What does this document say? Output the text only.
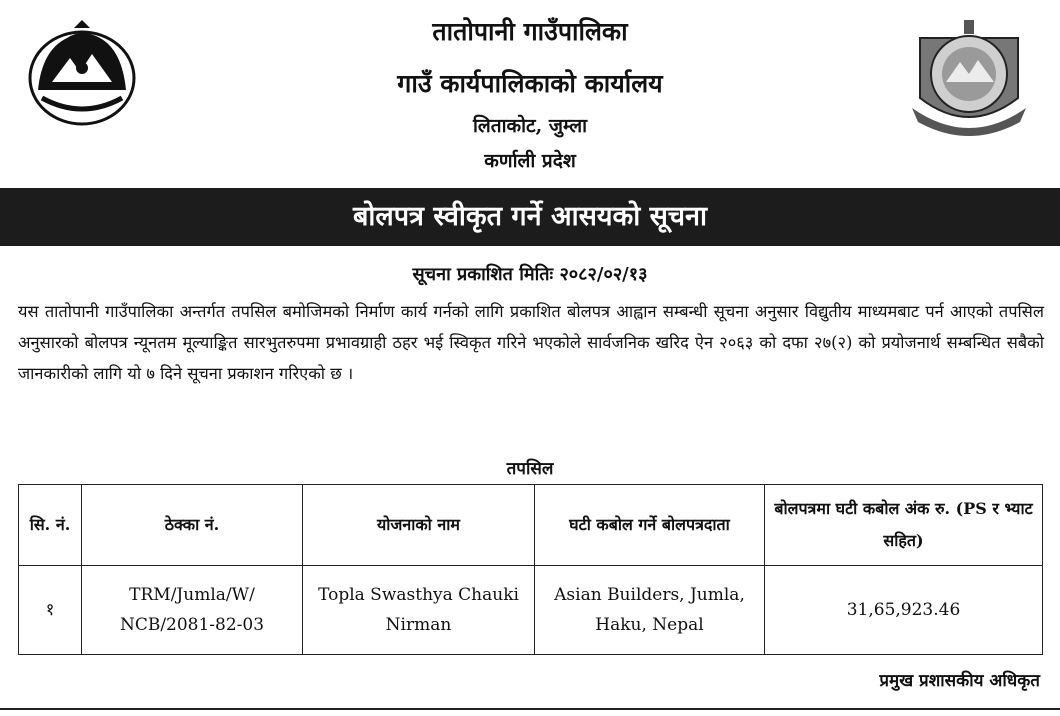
तातोपानी गाउँपालिका
गाउँ कार्यपालिकाको कार्यालय
लिताकोट, जुम्ला
कर्णाली प्रदेश
बोलपत्र स्वीकृत गर्ने आसयको सूचना
सूचना प्रकाशित मितिः २०८२/०२/१३
यस तातोपानी गाउँपालिका अन्तर्गत तपसिल बमोजिमको निर्माण कार्य गर्नको लागि प्रकाशित बोलपत्र आह्वान सम्बन्धी सूचना अनुसार विद्युतीय माध्यमबाट पर्न आएको तपसिल अनुसारको बोलपत्र न्यूनतम मूल्याङ्कित सारभुतरुपमा प्रभावग्राही ठहर भई स्विकृत गरिने भएकोले सार्वजनिक खरिद ऐन २०६३ को दफा २७(२) को प्रयोजनार्थ सम्बन्धित सबैको जानकारीको लागि यो ७ दिने सूचना प्रकाशन गरिएको छ ।
तपसिल
सि. नं.	ठेक्का नं.	योजनाको नाम	घटी कबोल गर्ने बोलपत्रदाता	बोलपत्रमा घटी कबोल अंक रु. (PS र भ्याट सहित)
१	TRM/Jumla/W/ NCB/2081-82-03	Topla Swasthya Chauki Nirman	Asian Builders, Jumla, Haku, Nepal	31,65,923.46
प्रमुख प्रशासकीय अधिकृत
